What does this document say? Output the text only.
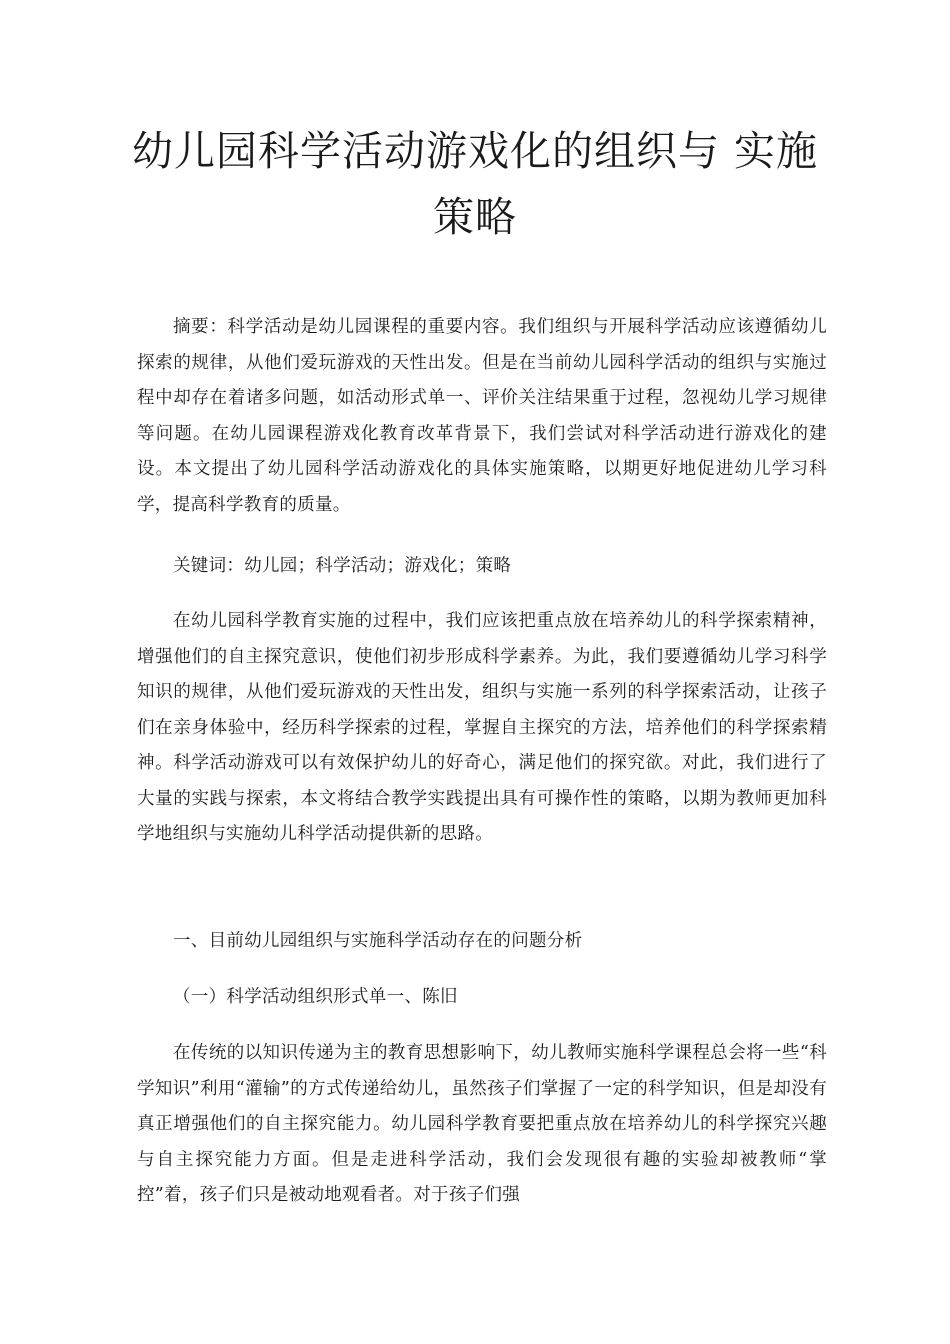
幼儿园科学活动游戏化的组织与 实施策略

摘要：科学活动是幼儿园课程的重要内容。我们组织与开展科学活动应该遵循幼儿探索的规律，从他们爱玩游戏的天性出发。但是在当前幼儿园科学活动的组织与实施过程中却存在着诸多问题，如活动形式单一、评价关注结果重于过程，忽视幼儿学习规律等问题。在幼儿园课程游戏化教育改革背景下，我们尝试对科学活动进行游戏化的建设。本文提出了幼儿园科学活动游戏化的具体实施策略，以期更好地促进幼儿学习科学，提高科学教育的质量。

关键词：幼儿园；科学活动；游戏化；策略

在幼儿园科学教育实施的过程中，我们应该把重点放在培养幼儿的科学探索精神，增强他们的自主探究意识，使他们初步形成科学素养。为此，我们要遵循幼儿学习科学知识的规律，从他们爱玩游戏的天性出发，组织与实施一系列的科学探索活动，让孩子们在亲身体验中，经历科学探索的过程，掌握自主探究的方法，培养他们的科学探索精神。科学活动游戏可以有效保护幼儿的好奇心，满足他们的探究欲。对此，我们进行了大量的实践与探索，本文将结合教学实践提出具有可操作性的策略，以期为教师更加科学地组织与实施幼儿科学活动提供新的思路。

一、目前幼儿园组织与实施科学活动存在的问题分析

（一）科学活动组织形式单一、陈旧

在传统的以知识传递为主的教育思想影响下，幼儿教师实施科学课程总会将一些“科学知识”利用“灌输”的方式传递给幼儿，虽然孩子们掌握了一定的科学知识，但是却没有真正增强他们的自主探究能力。幼儿园科学教育要把重点放在培养幼儿的科学探究兴趣与自主探究能力方面。但是走进科学活动，我们会发现很有趣的实验却被教师“掌控”着，孩子们只是被动地观看者。对于孩子们强
